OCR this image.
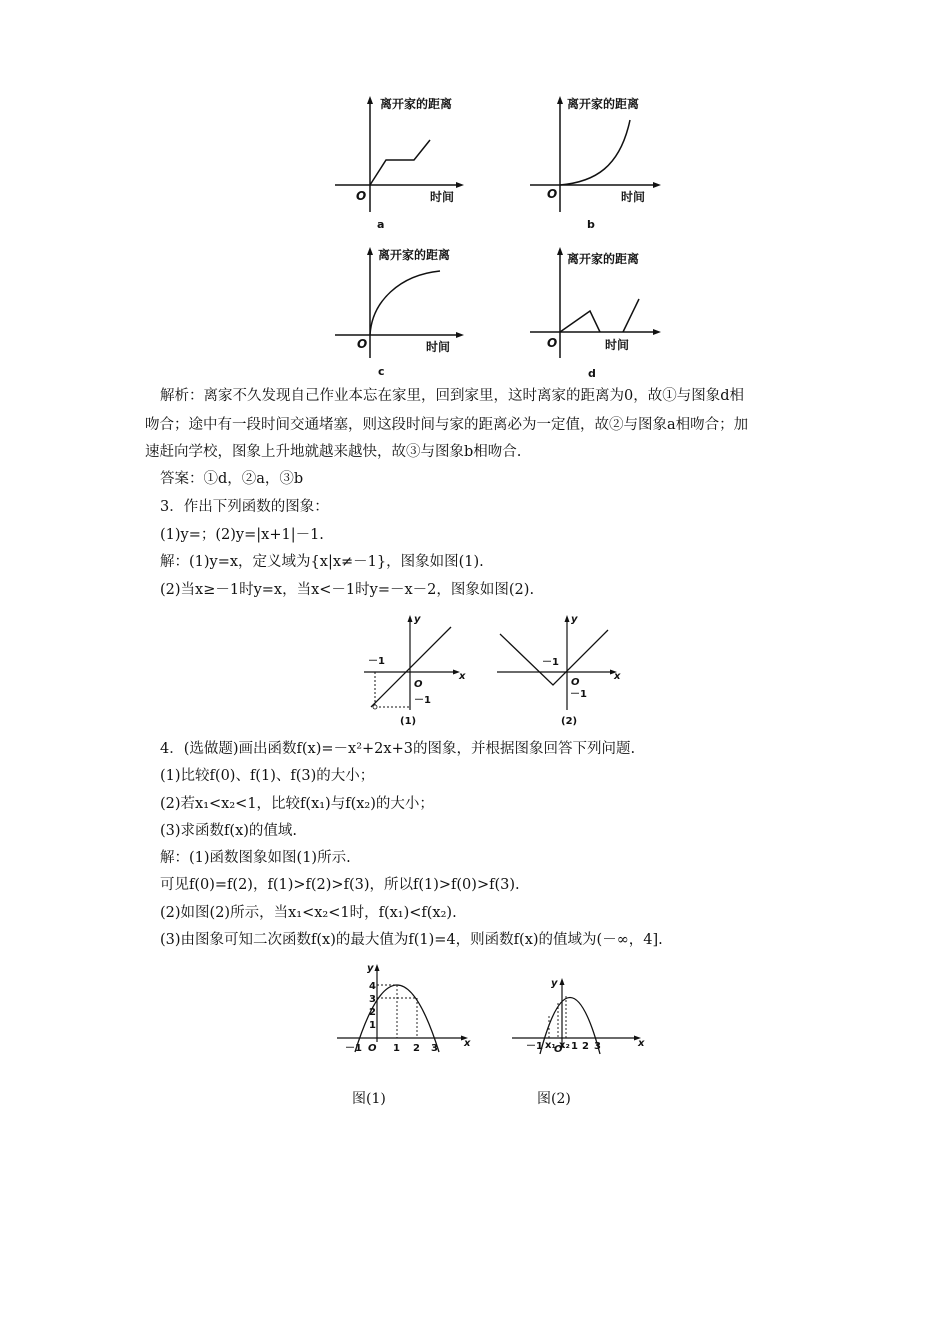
离开家的距离
时间
O
a
离开家的距离
时间
O
b
离开家的距离
时间
O
c
离开家的距离
时间
O
d
解析：离家不久发现自己作业本忘在家里，回到家里，这时离家的距离为0，故①与图象d相
吻合；途中有一段时间交通堵塞，则这段时间与家的距离必为一定值，故②与图象a相吻合；加
速赶向学校，图象上升地就越来越快，故③与图象b相吻合.
答案：①d，②a，③b
3．作出下列函数的图象：
(1)y=；(2)y=|x+1|－1.
解：(1)y=x，定义域为{x|x≠－1}，图象如图(1).
(2)当x≥－1时y=x，当x<－1时y=－x－2，图象如图(2).
y
x
O
－1
－1
(1)
y
x
O
－1
－1
(2)
4．(选做题)画出函数f(x)=－x²+2x+3的图象，并根据图象回答下列问题.
(1)比较f(0)、f(1)、f(3)的大小；
(2)若x₁<x₂<1，比较f(x₁)与f(x₂)的大小；
(3)求函数f(x)的值域.
解：(1)函数图象如图(1)所示.
可见f(0)=f(2)，f(1)>f(2)>f(3)，所以f(1)>f(0)>f(3).
(2)如图(2)所示，当x₁<x₂<1时，f(x₁)<f(x₂).
(3)由图象可知二次函数f(x)的最大值为f(1)=4，则函数f(x)的值域为(－∞，4].
y
x
O
4
3
2
1
－1	1 2 3
图(1)
y
x
O
－1 x₁ x₂ 1 2 3
图(2)
